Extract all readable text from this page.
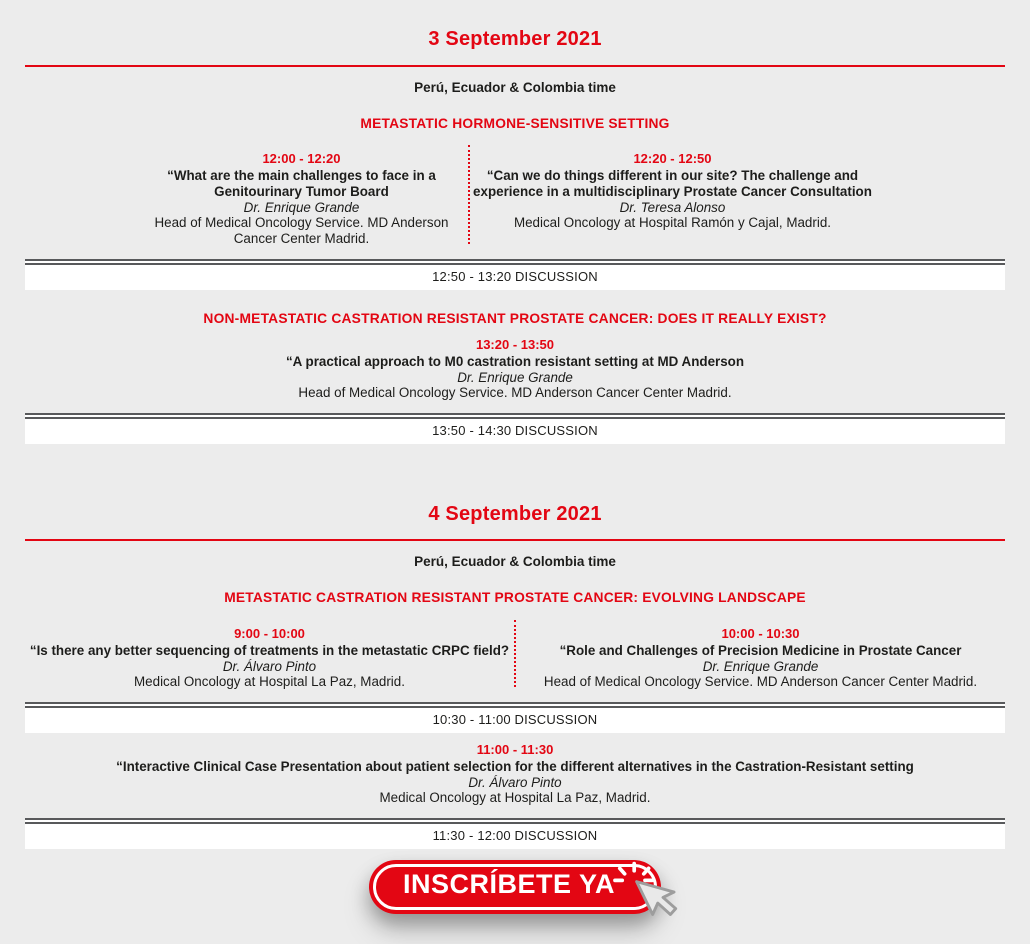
3 September 2021
Perú, Ecuador & Colombia time
METASTATIC HORMONE-SENSITIVE SETTING
12:00 - 12:20

“What are the main challenges to face in a Genitourinary Tumor Board

Dr. Enrique Grande

Head of Medical Oncology Service. MD Anderson Cancer Center Madrid.

12:20 - 12:50

“Can we do things different in our site? The challenge and experience in a multidisciplinary Prostate Cancer Consultation

Dr. Teresa Alonso

Medical Oncology at Hospital Ramón y Cajal, Madrid.

12:50 - 13:20 DISCUSSION
NON-METASTATIC CASTRATION RESISTANT PROSTATE CANCER: DOES IT REALLY EXIST?
13:20 - 13:50

“A practical approach to M0 castration resistant setting at MD Anderson

Dr. Enrique Grande

Head of Medical Oncology Service. MD Anderson Cancer Center Madrid.

13:50 - 14:30 DISCUSSION
4 September 2021
Perú, Ecuador & Colombia time
METASTATIC CASTRATION RESISTANT PROSTATE CANCER: EVOLVING LANDSCAPE
9:00 - 10:00

“Is there any better sequencing of treatments in the metastatic CRPC field?

Dr. Álvaro Pinto

Medical Oncology at Hospital La Paz, Madrid.

10:00 - 10:30

“Role and Challenges of Precision Medicine in Prostate Cancer

Dr. Enrique Grande

Head of Medical Oncology Service. MD Anderson Cancer Center Madrid.

10:30 - 11:00 DISCUSSION
11:00 - 11:30

“Interactive Clinical Case Presentation about patient selection for the different alternatives in the Castration-Resistant setting

Dr. Álvaro Pinto

Medical Oncology at Hospital La Paz, Madrid.

11:30 - 12:00 DISCUSSION
INSCRÍBETE YA
